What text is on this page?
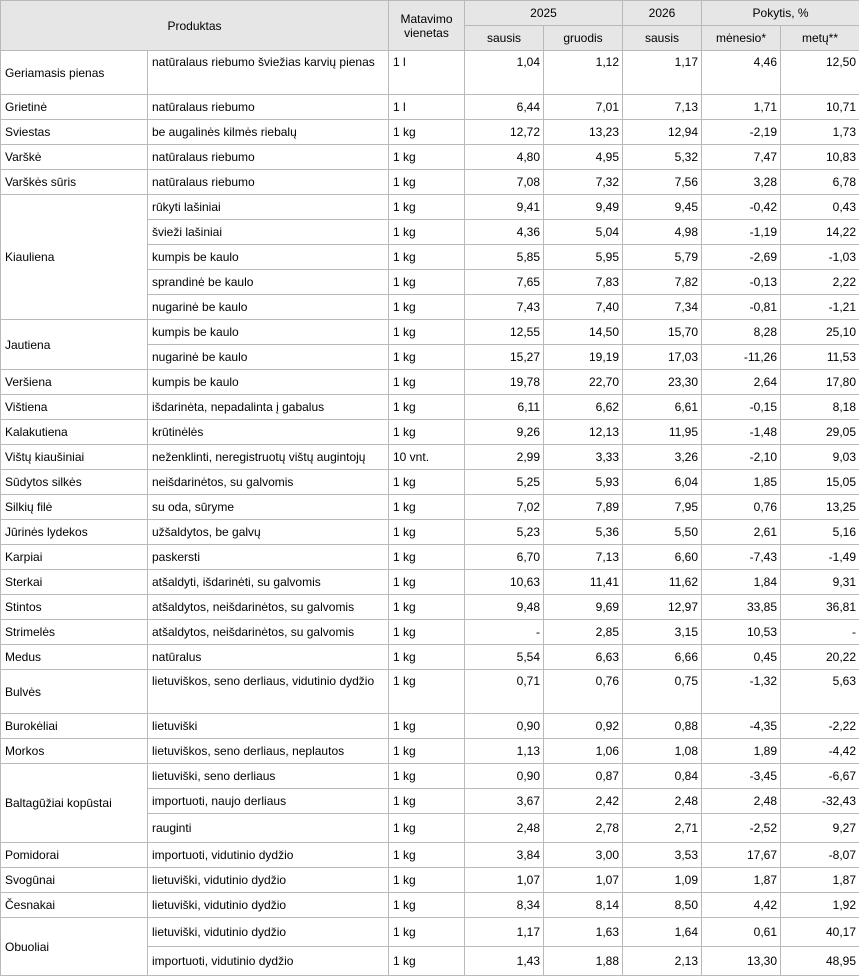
Produktas		Matavimo vienetas	2025		2026	Pokytis, %	
			sausis	gruodis	sausis	mėnesio*	metų**
Geriamasis pienas	natūralaus riebumo šviežias karvių pienas	1 l	1,04	1,12	1,17	4,46	12,50
Grietinė	natūralaus riebumo	1 l	6,44	7,01	7,13	1,71	10,71
Sviestas	be augalinės kilmės riebalų	1 kg	12,72	13,23	12,94	-2,19	1,73
Varškė	natūralaus riebumo	1 kg	4,80	4,95	5,32	7,47	10,83
Varškės sūris	natūralaus riebumo	1 kg	7,08	7,32	7,56	3,28	6,78
Kiauliena	rūkyti lašiniai	1 kg	9,41	9,49	9,45	-0,42	0,43
	švieži lašiniai	1 kg	4,36	5,04	4,98	-1,19	14,22
	kumpis be kaulo	1 kg	5,85	5,95	5,79	-2,69	-1,03
	sprandinė be kaulo	1 kg	7,65	7,83	7,82	-0,13	2,22
	nugarinė be kaulo	1 kg	7,43	7,40	7,34	-0,81	-1,21
Jautiena	kumpis be kaulo	1 kg	12,55	14,50	15,70	8,28	25,10
	nugarinė be kaulo	1 kg	15,27	19,19	17,03	-11,26	11,53
Veršiena	kumpis be kaulo	1 kg	19,78	22,70	23,30	2,64	17,80
Vištiena	išdarinėta, nepadalinta į gabalus	1 kg	6,11	6,62	6,61	-0,15	8,18
Kalakutiena	krūtinėlės	1 kg	9,26	12,13	11,95	-1,48	29,05
Vištų kiaušiniai	neženklinti, neregistruotų vištų augintojų	10 vnt.	2,99	3,33	3,26	-2,10	9,03
Sūdytos silkės	neišdarinėtos, su galvomis	1 kg	5,25	5,93	6,04	1,85	15,05
Silkių filė	su oda, sūryme	1 kg	7,02	7,89	7,95	0,76	13,25
Jūrinės lydekos	užšaldytos, be galvų	1 kg	5,23	5,36	5,50	2,61	5,16
Karpiai	paskersti	1 kg	6,70	7,13	6,60	-7,43	-1,49
Sterkai	atšaldyti, išdarinėti, su galvomis	1 kg	10,63	11,41	11,62	1,84	9,31
Stintos	atšaldytos, neišdarinėtos, su galvomis	1 kg	9,48	9,69	12,97	33,85	36,81
Strimelės	atšaldytos, neišdarinėtos, su galvomis	1 kg	-	2,85	3,15	10,53	-
Medus	natūralus	1 kg	5,54	6,63	6,66	0,45	20,22
Bulvės	lietuviškos, seno derliaus, vidutinio dydžio	1 kg	0,71	0,76	0,75	-1,32	5,63
Burokėliai	lietuviški	1 kg	0,90	0,92	0,88	-4,35	-2,22
Morkos	lietuviškos, seno derliaus, neplautos	1 kg	1,13	1,06	1,08	1,89	-4,42
Baltagūžiai kopūstai	lietuviški, seno derliaus	1 kg	0,90	0,87	0,84	-3,45	-6,67
	importuoti, naujo derliaus	1 kg	3,67	2,42	2,48	2,48	-32,43
	rauginti	1 kg	2,48	2,78	2,71	-2,52	9,27
Pomidorai	importuoti, vidutinio dydžio	1 kg	3,84	3,00	3,53	17,67	-8,07
Svogūnai	lietuviški, vidutinio dydžio	1 kg	1,07	1,07	1,09	1,87	1,87
Česnakai	lietuviški, vidutinio dydžio	1 kg	8,34	8,14	8,50	4,42	1,92
Obuoliai	lietuviški, vidutinio dydžio	1 kg	1,17	1,63	1,64	0,61	40,17
	importuoti, vidutinio dydžio	1 kg	1,43	1,88	2,13	13,30	48,95
